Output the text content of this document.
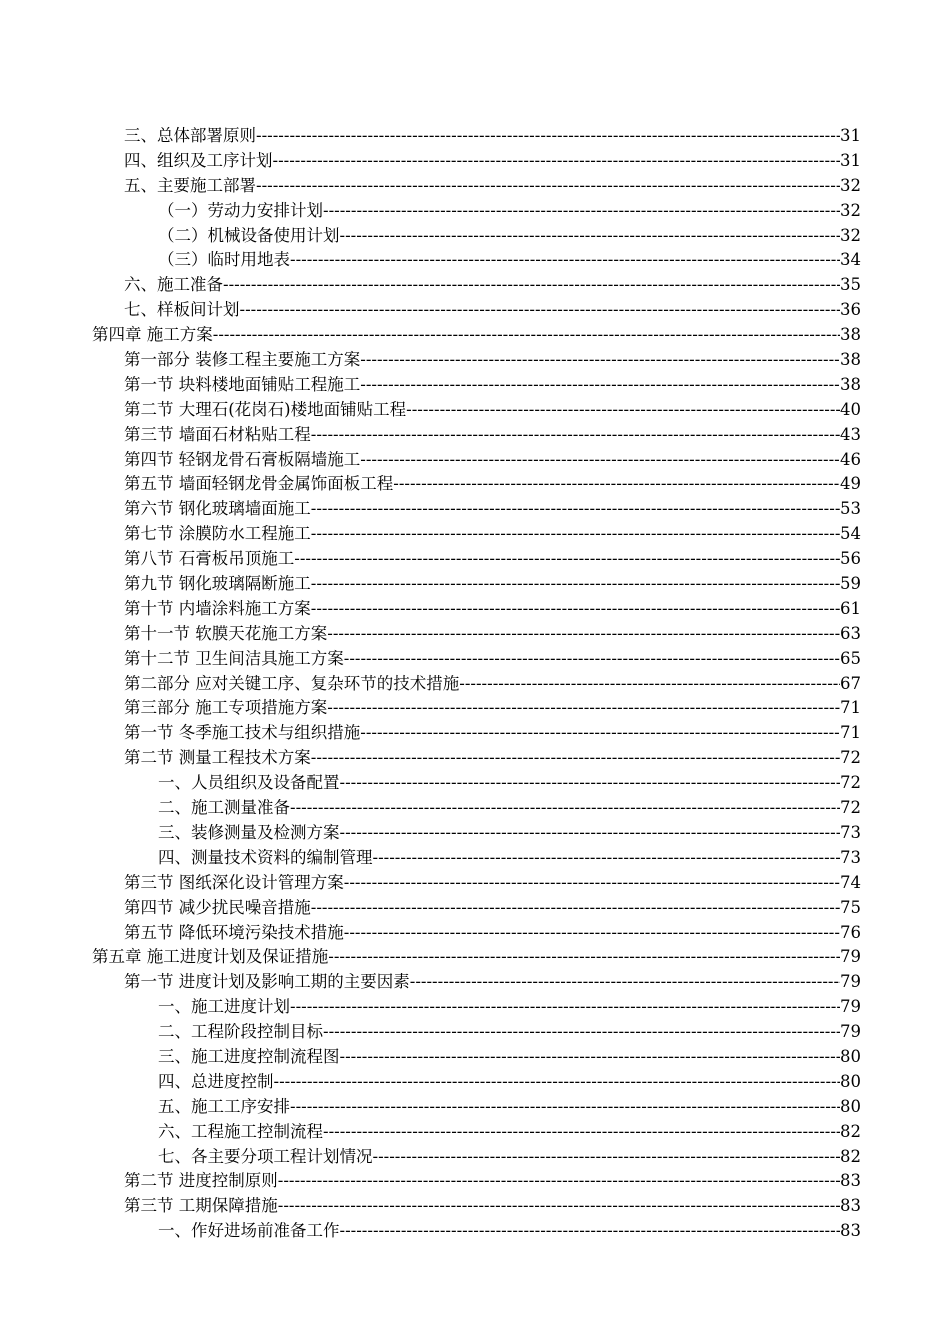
三、总体部署原则 -----	31
四、组织及工序计划 -----	31
五、主要施工部署 -----	32
（一）劳动力安排计划 -----	32
（二）机械设备使用计划 -----	32
（三）临时用地表 -----	34
六、施工准备 -----	35
七、样板间计划 -----	36
第四章 施工方案 -----	38
第一部分 装修工程主要施工方案 -----	38
第一节 块料楼地面铺贴工程施工 -----	38
第二节 大理石(花岗石)楼地面铺贴工程 -----	40
第三节 墙面石材粘贴工程 -----	43
第四节 轻钢龙骨石膏板隔墙施工 -----	46
第五节 墙面轻钢龙骨金属饰面板工程 -----	49
第六节 钢化玻璃墙面施工 -----	53
第七节 涂膜防水工程施工 -----	54
第八节 石膏板吊顶施工 -----	56
第九节 钢化玻璃隔断施工 -----	59
第十节 内墙涂料施工方案 -----	61
第十一节 软膜天花施工方案 -----	63
第十二节 卫生间洁具施工方案 -----	65
第二部分 应对关键工序、复杂环节的技术措施 -----	67
第三部分 施工专项措施方案 -----	71
第一节 冬季施工技术与组织措施 -----	71
第二节 测量工程技术方案 -----	72
一、人员组织及设备配置 -----	72
二、施工测量准备 -----	72
三、装修测量及检测方案 -----	73
四、测量技术资料的编制管理 -----	73
第三节 图纸深化设计管理方案 -----	74
第四节 减少扰民噪音措施 -----	75
第五节 降低环境污染技术措施 -----	76
第五章 施工进度计划及保证措施 -----	79
第一节 进度计划及影响工期的主要因素 -----	79
一、施工进度计划 -----	79
二、工程阶段控制目标 -----	79
三、施工进度控制流程图 -----	80
四、总进度控制 -----	80
五、施工工序安排 -----	80
六、工程施工控制流程 -----	82
七、各主要分项工程计划情况 -----	82
第二节 进度控制原则 -----	83
第三节 工期保障措施 -----	83
一、作好进场前准备工作 -----	83
